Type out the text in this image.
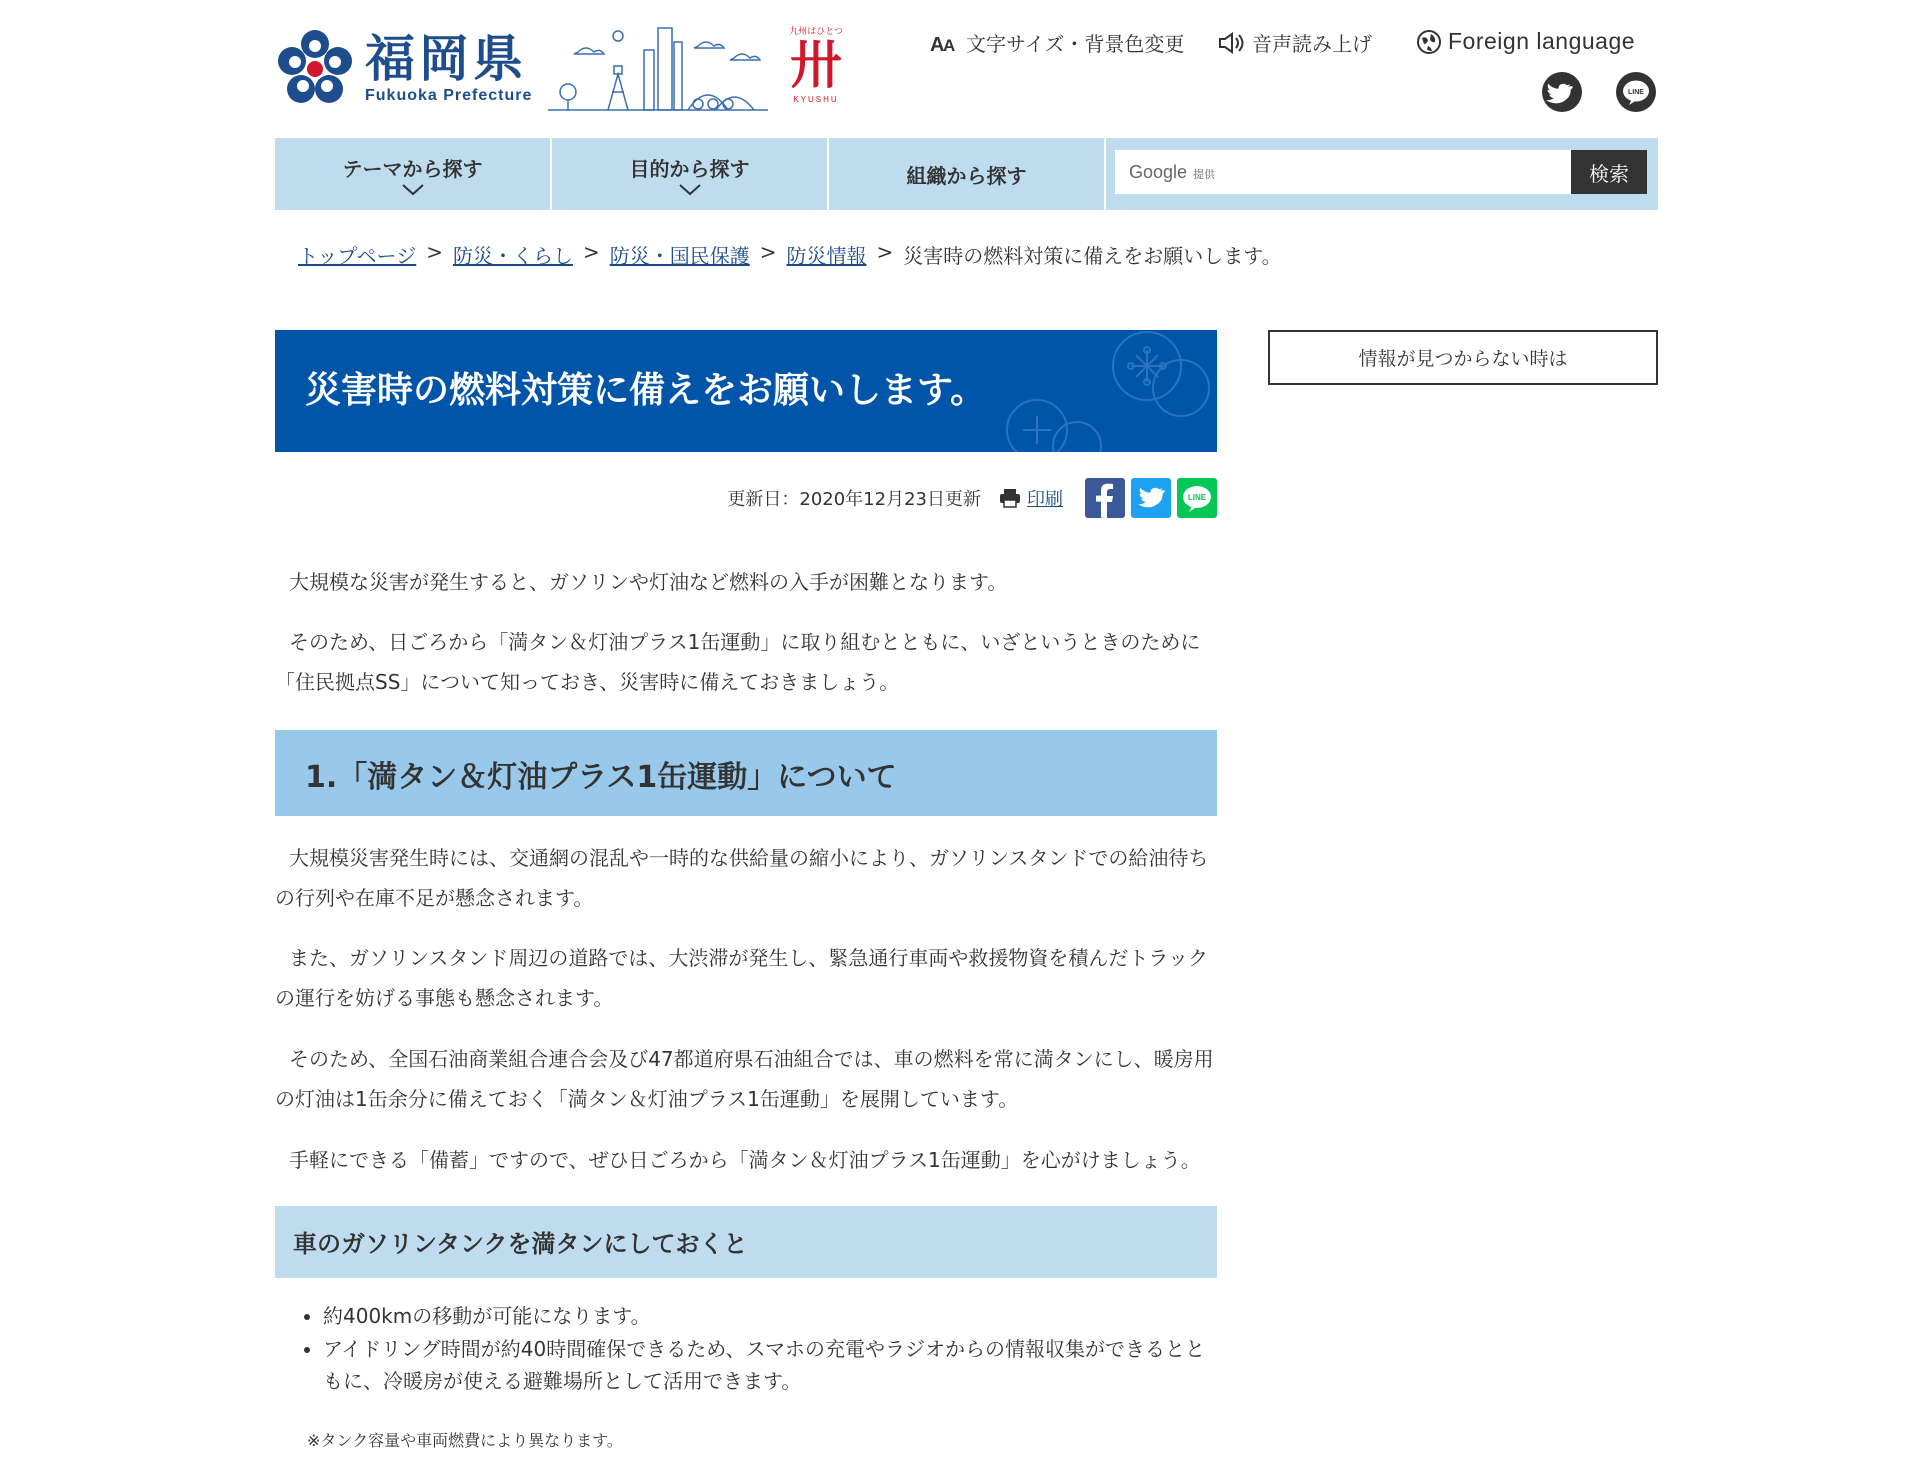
福岡県
Fukuoka Prefecture
九州はひとつ
卅
KYUSHU
A
A 文字サイズ・背景色変更	音声読み上げ	Foreign language
LINE
テーマから探す	目的から探す	組織から探す	Google 提供	検索
トップページ > 防災・くらし > 防災・国民保護 > 防災情報 > 災害時の燃料対策に備えをお願いします。
災害時の燃料対策に備えをお願いします。
更新日：2020年12月23日更新	印刷	LINE

大規模な災害が発生すると、ガソリンや灯油など燃料の入手が困難となります。

そのため、日ごろから「満タン＆灯油プラス1缶運動」に取り組むとともに、いざというときのために「住民拠点SS」について知っておき、災害時に備えておきましょう。

1.「満タン＆灯油プラス1缶運動」について

大規模災害発生時には、交通網の混乱や一時的な供給量の縮小により、ガソリンスタンドでの給油待ちの行列や在庫不足が懸念されます。

また、ガソリンスタンド周辺の道路では、大渋滞が発生し、緊急通行車両や救援物資を積んだトラックの運行を妨げる事態も懸念されます。

そのため、全国石油商業組合連合会及び47都道府県石油組合では、車の燃料を常に満タンにし、暖房用の灯油は1缶余分に備えておく「満タン＆灯油プラス1缶運動」を展開しています。

手軽にできる「備蓄」ですので、ぜひ日ごろから「満タン＆灯油プラス1缶運動」を心がけましょう。

車のガソリンタンクを満タンにしておくと
• 約400kmの移動が可能になります。
• アイドリング時間が約40時間確保できるため、スマホの充電やラジオからの情報収集ができるとともに、冷暖房が使える避難場所として活用できます。
※タンク容量や車両燃費により異なります。
情報が見つからない時は
